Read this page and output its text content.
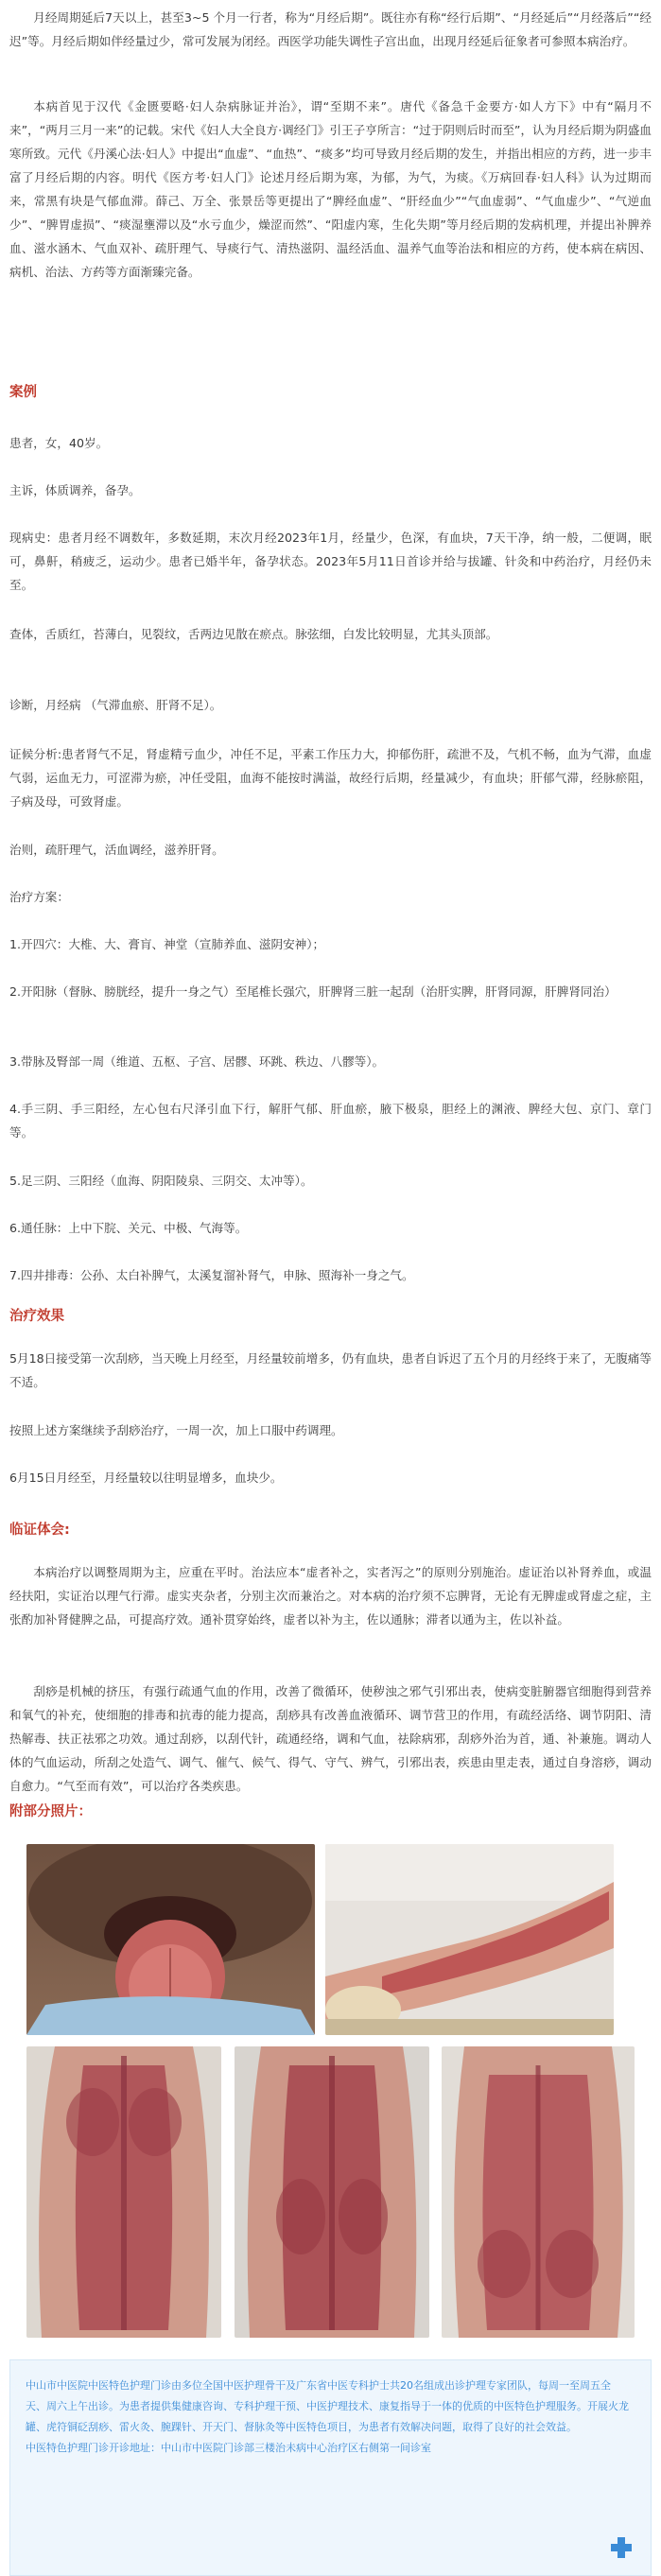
月经周期延后7天以上，甚至3~5 个月一行者，称为“月经后期”。既往亦有称“经行后期”、“月经延后”“月经落后”“经迟”等。月经后期如伴经量过少，常可发展为闭经。西医学功能失调性子宫出血，出现月经延后征象者可参照本病治疗。

本病首见于汉代《金匮要略·妇人杂病脉证并治》，谓“至期不来”。唐代《备急千金要方·如人方下》中有“隔月不来”，“两月三月一来”的记载。宋代《妇人大全良方·调经门》引王子亨所言：“过于阴则后时而至”，认为月经后期为阴盛血寒所致。元代《丹溪心法·妇人》中提出“血虚”、“血热”、“痰多”均可导致月经后期的发生，并指出相应的方药，进一步丰富了月经后期的内容。明代《医方考·妇人门》论述月经后期为寒，为郁，为气，为痰。《万病回春·妇人科》认为过期而来，常黑有块是气郁血滞。薛己、万全、张景岳等更提出了“脾经血虚”、“肝经血少”“气血虚弱”、“气血虚少”、“气逆血少”、“脾胃虚损”、“痰湿壅滞以及“水亏血少，燥涩而然”、“阳虚内寒，生化失期”等月经后期的发病机理，并提出补脾养血、滋水涵木、气血双补、疏肝理气、导痰行气、清热滋阴、温经活血、温养气血等治法和相应的方药，使本病在病因、病机、治法、方药等方面渐臻完备。

案例

患者，女，40岁。

主诉，体质调养，备孕。

现病史：患者月经不调数年，多数延期，末次月经2023年1月，经量少，色深，有血块，7天干净，纳一般，二便调，眠可，鼻鼾，稍疲乏，运动少。患者已婚半年，备孕状态。2023年5月11日首诊并给与拔罐、针灸和中药治疗，月经仍未至。

查体，舌质红，苔薄白，见裂纹，舌两边见散在瘀点。脉弦细，白发比较明显，尤其头顶部。

诊断，月经病 （气滞血瘀、肝肾不足）。

证候分析:患者肾气不足，肾虚精亏血少，冲任不足，平素工作压力大，抑郁伤肝，疏泄不及，气机不畅，血为气滞，血虚气弱，运血无力，可涩滞为瘀，冲任受阻，血海不能按时满溢，故经行后期，经量减少，有血块；肝郁气滞，经脉瘀阻，子病及母，可致肾虚。

治则，疏肝理气，活血调经，滋养肝肾。

治疗方案：

1.开四穴：大椎、大、膏肓、神堂（宣肺养血、滋阴安神）；

2.开阳脉（督脉、膀胱经，提升一身之气）至尾椎长强穴，肝脾肾三脏一起刮（治肝实脾，肝肾同源，肝脾肾同治）

3.带脉及腎部一周（维道、五枢、子宫、居髎、环跳、秩边、八髎等）。

4.手三阴、手三阳经，左心包右尺泽引血下行，解肝气郁、肝血瘀，腋下极泉，胆经上的渊液、脾经大包、京门、章门等。

5.足三阴、三阳经（血海、阴阳陵泉、三阴交、太冲等）。

6.通任脉：上中下脘、关元、中极、气海等。

7.四井排毒：公孙、太白补脾气，太溪复溜补肾气，申脉、照海补一身之气。

治疗效果

5月18日接受第一次刮痧，当天晚上月经至，月经量较前增多，仍有血块，患者自诉迟了五个月的月经终于来了，无腹痛等不适。

按照上述方案继续予刮痧治疗，一周一次，加上口服中药调理。

6月15日月经至，月经量较以往明显增多，血块少。

临证体会:

本病治疗以调整周期为主，应重在平时。治法应本“虚者补之，实者泻之”的原则分别施治。虚证治以补肾养血，或温经扶阳，实证治以理气行滞。虚实夹杂者，分别主次而兼治之。对本病的治疗须不忘脾肾，无论有无脾虚或肾虚之症，主张酌加补肾健脾之品，可提高疗效。通补贯穿始终，虚者以补为主，佐以通脉；滞者以通为主，佐以补益。

刮痧是机械的挤压，有强行疏通气血的作用，改善了微循环，使秽浊之邪气引邪出表，使病变脏腑器官细胞得到营养和氧气的补充，使细胞的排毒和抗毒的能力提高，刮痧具有改善血液循环、调节营卫的作用，有疏经活络、调节阴阳、清热解毒、扶正祛邪之功效。通过刮痧，以刮代针，疏通经络，调和气血，祛除病邪，刮痧外治为首，通、补兼施。调动人体的气血运动，所刮之处造气、调气、催气、候气、得气、守气、辨气，引邪出表，疾患由里走表，通过自身溶痧，调动自愈力。“气至而有效”，可以治疗各类疾患。

附部分照片：

中山市中医院中医特色护理门诊由多位全国中医护理骨干及广东省中医专科护士共20名组成出诊护理专家团队，每周一至周五全天、周六上午出诊。为患者提供集健康咨询、专科护理干预、中医护理技术、康复指导于一体的优质的中医特色护理服务。开展火龙罐、虎符铜砭刮痧、雷火灸、腕踝针、开天门、督脉灸等中医特色项目，为患者有效解决问题，取得了良好的社会效益。
中医特色护理门诊开诊地址：中山市中医院门诊部三楼治未病中心治疗区右侧第一间诊室
